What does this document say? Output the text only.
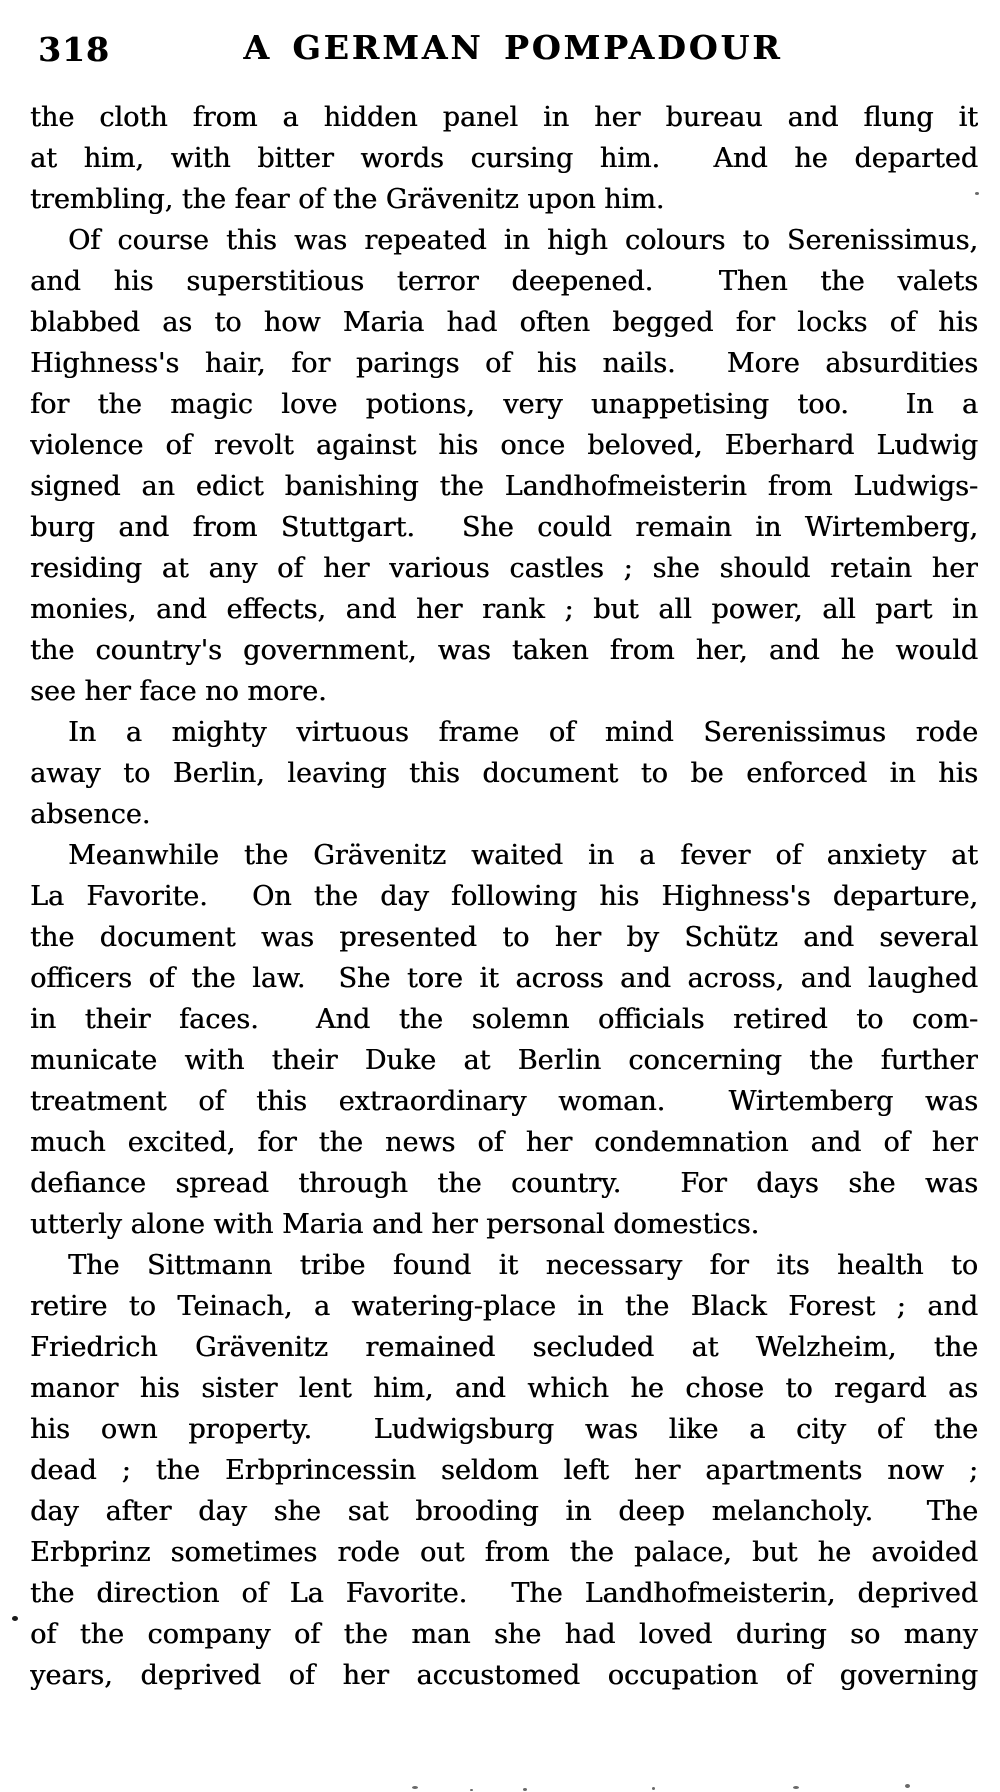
318	A GERMAN POMPADOUR
the cloth from a hidden panel in her bureau and flung it
at him, with bitter words cursing him.  And he departed
trembling, the fear of the Grävenitz upon him.
Of course this was repeated in high colours to Serenissimus,
and his superstitious terror deepened.  Then the valets
blabbed as to how Maria had often begged for locks of his
Highness's hair, for parings of his nails.  More absurdities
for the magic love potions, very unappetising too.  In a
violence of revolt against his once beloved, Eberhard Ludwig
signed an edict banishing the Landhofmeisterin from Ludwigs-
burg and from Stuttgart.  She could remain in Wirtemberg,
residing at any of her various castles ; she should retain her
monies, and effects, and her rank ; but all power, all part in
the country's government, was taken from her, and he would
see her face no more.
In a mighty virtuous frame of mind Serenissimus rode
away to Berlin, leaving this document to be enforced in his
absence.
Meanwhile the Grävenitz waited in a fever of anxiety at
La Favorite.  On the day following his Highness's departure,
the document was presented to her by Schütz and several
officers of the law.  She tore it across and across, and laughed
in their faces.  And the solemn officials retired to com-
municate with their Duke at Berlin concerning the further
treatment of this extraordinary woman.  Wirtemberg was
much excited, for the news of her condemnation and of her
defiance spread through the country.  For days she was
utterly alone with Maria and her personal domestics.
The Sittmann tribe found it necessary for its health to
retire to Teinach, a watering-place in the Black Forest ; and
Friedrich Grävenitz remained secluded at Welzheim, the
manor his sister lent him, and which he chose to regard as
his own property.  Ludwigsburg was like a city of the
dead ; the Erbprincessin seldom left her apartments now ;
day after day she sat brooding in deep melancholy.  The
Erbprinz sometimes rode out from the palace, but he avoided
the direction of La Favorite.  The Landhofmeisterin, deprived
of the company of the man she had loved during so many
years, deprived of her accustomed occupation of governing
